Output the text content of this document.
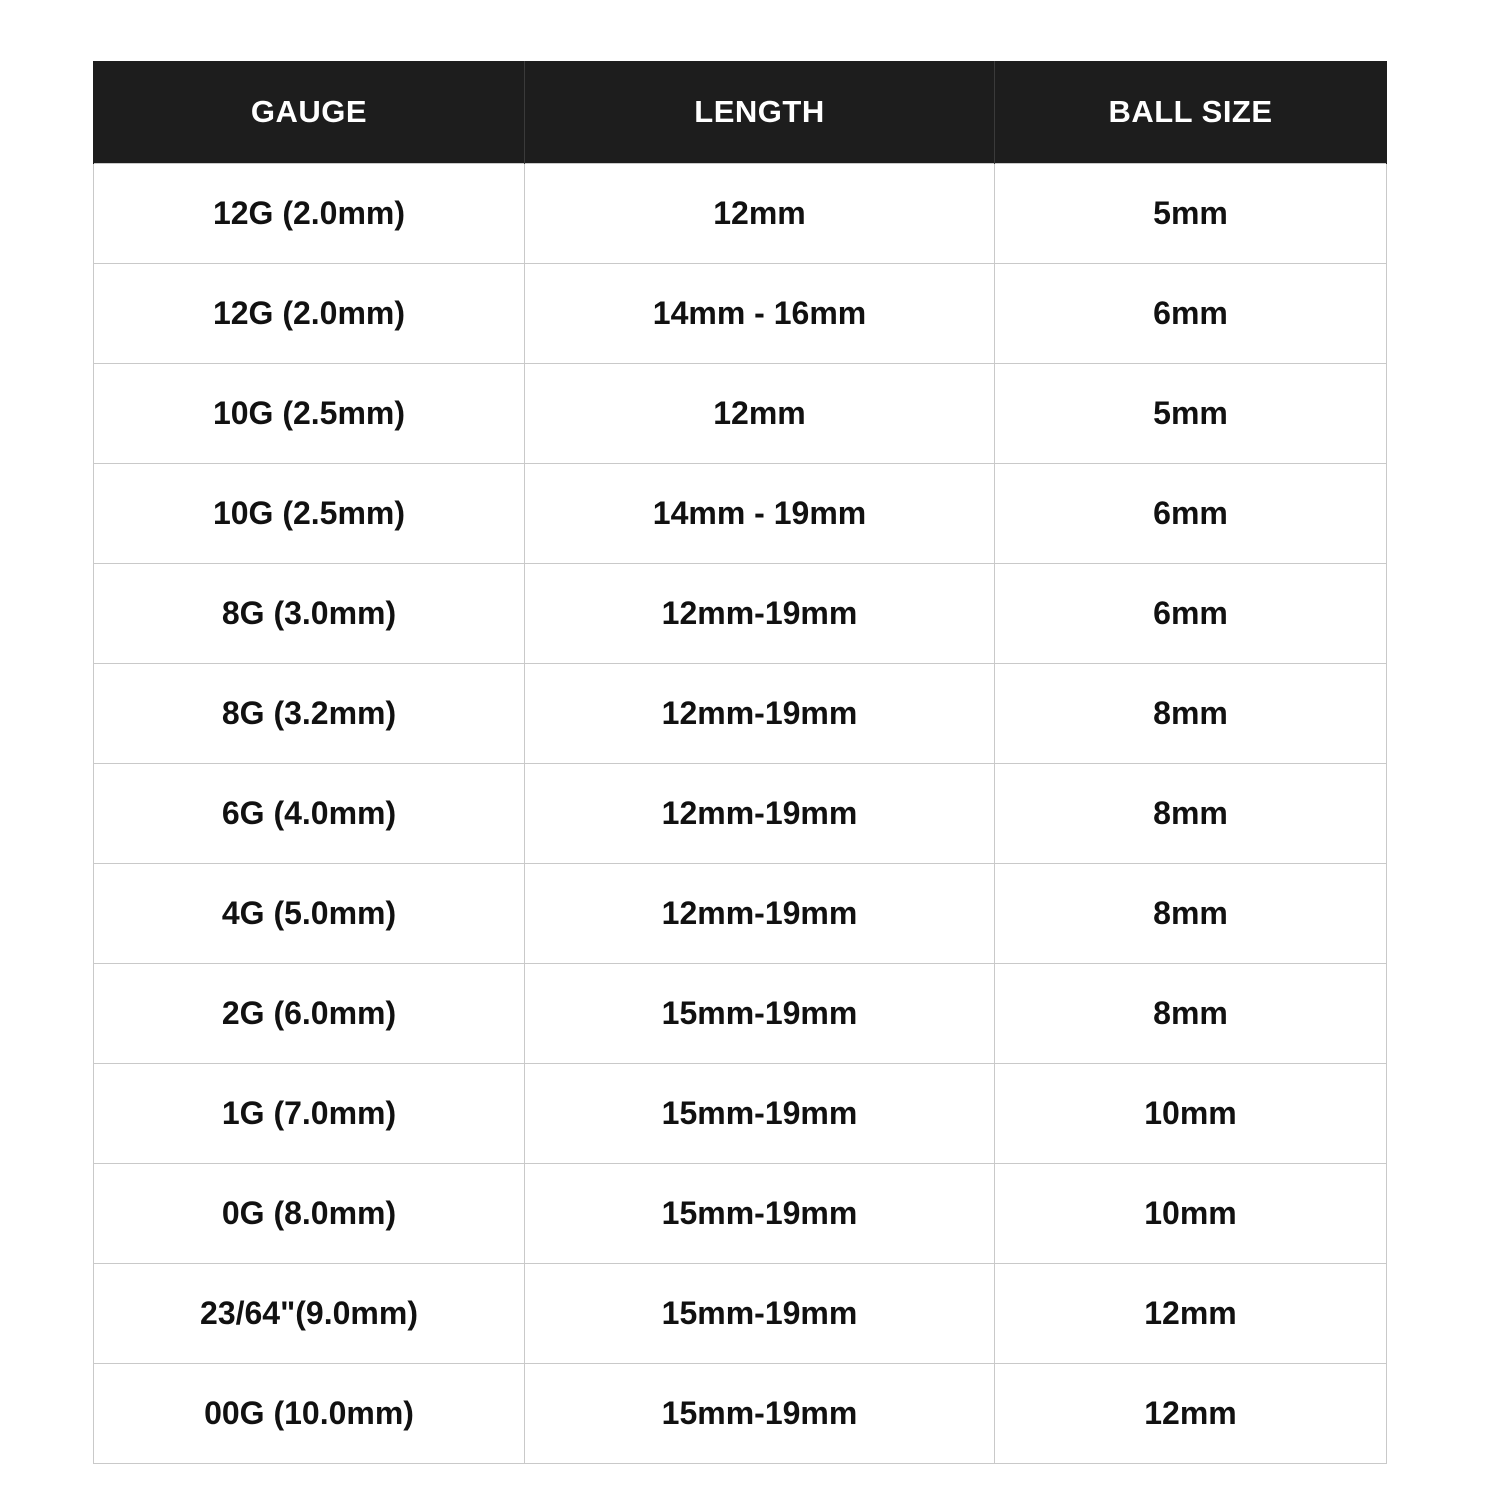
GAUGE	LENGTH	BALL SIZE
12G (2.0mm)	12mm	5mm
12G (2.0mm)	14mm - 16mm	6mm
10G (2.5mm)	12mm	5mm
10G (2.5mm)	14mm - 19mm	6mm
8G (3.0mm)	12mm-19mm	6mm
8G (3.2mm)	12mm-19mm	8mm
6G (4.0mm)	12mm-19mm	8mm
4G (5.0mm)	12mm-19mm	8mm
2G (6.0mm)	15mm-19mm	8mm
1G (7.0mm)	15mm-19mm	10mm
0G (8.0mm)	15mm-19mm	10mm
23/64"(9.0mm)	15mm-19mm	12mm
00G (10.0mm)	15mm-19mm	12mm
